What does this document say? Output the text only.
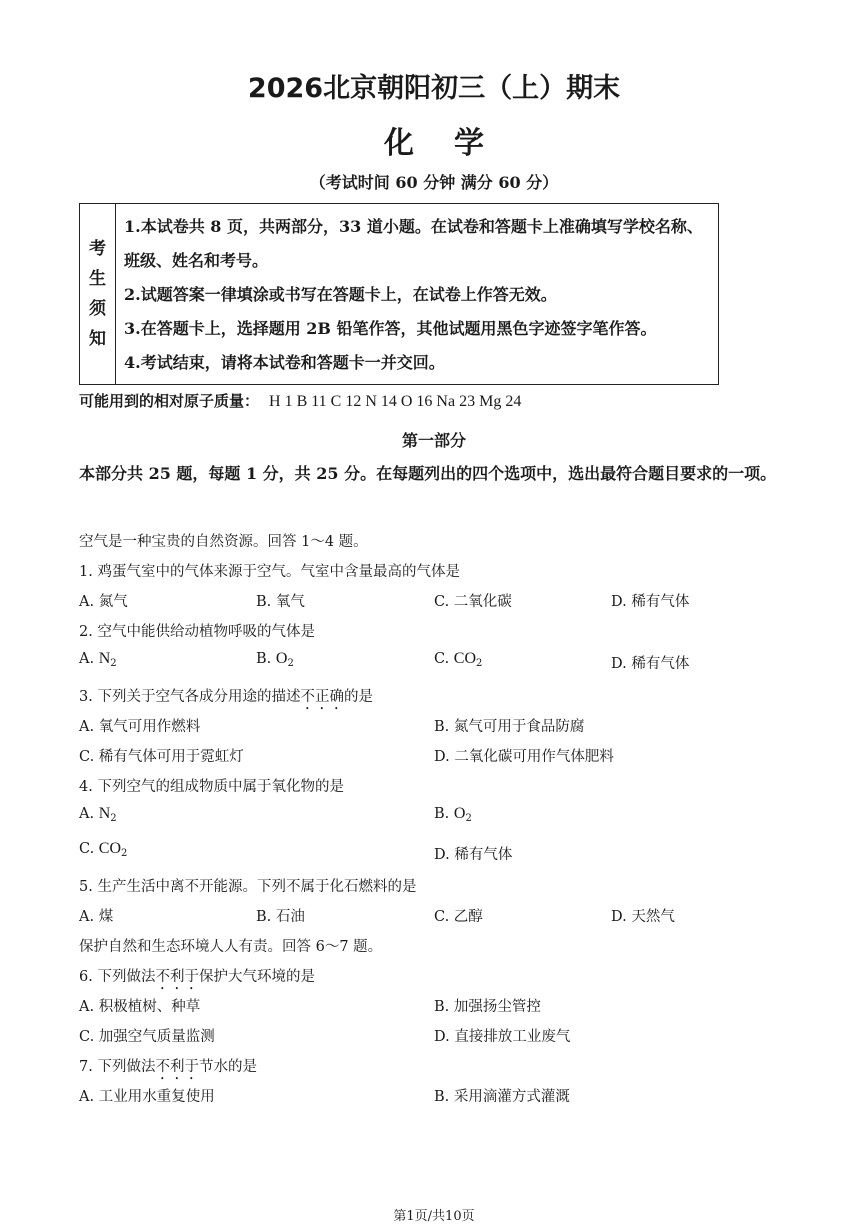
2026北京朝阳初三（上）期末
化学
（考试时间 60 分钟 满分 60 分）
考
生
须
知
1.本试卷共 8 页，共两部分，33 道小题。在试卷和答题卡上准确填写学校名称、班级、姓名和考号。
2.试题答案一律填涂或书写在答题卡上，在试卷上作答无效。
3.在答题卡上，选择题用 2B 铅笔作答，其他试题用黑色字迹签字笔作答。
4.考试结束，请将本试卷和答题卡一并交回。
可能用到的相对原子质量： H 1 B 11 C 12 N 14 O 16 Na 23 Mg 24
第一部分
本部分共 25 题，每题 1 分，共 25 分。在每题列出的四个选项中，选出最符合题目要求的一项。
空气是一种宝贵的自然资源。回答 1～4 题。
1. 鸡蛋气室中的气体来源于空气。气室中含量最高的气体是
A. 氮气	B. 氧气	C. 二氧化碳	D. 稀有气体
2. 空气中能供给动植物呼吸的气体是
A. $N_2$	B. $O_2$	C. $CO_2$	D. 稀有气体
3. 下列关于空气各成分用途的描述不正确的是
A. 氧气可用作燃料	B. 氮气可用于食品防腐
C. 稀有气体可用于霓虹灯	D. 二氧化碳可用作气体肥料
4. 下列空气的组成物质中属于氧化物的是
A. $N_2$	B. $O_2$
C. $CO_2$	D. 稀有气体
5. 生产生活中离不开能源。下列不属于化石燃料的是
A. 煤	B. 石油	C. 乙醇	D. 天然气
保护自然和生态环境人人有责。回答 6～7 题。
6. 下列做法不利于保护大气环境的是
A. 积极植树、种草	B. 加强扬尘管控
C. 加强空气质量监测	D. 直接排放工业废气
7. 下列做法不利于节水的是
A. 工业用水重复使用	B. 采用滴灌方式灌溉
第1页/共10页
